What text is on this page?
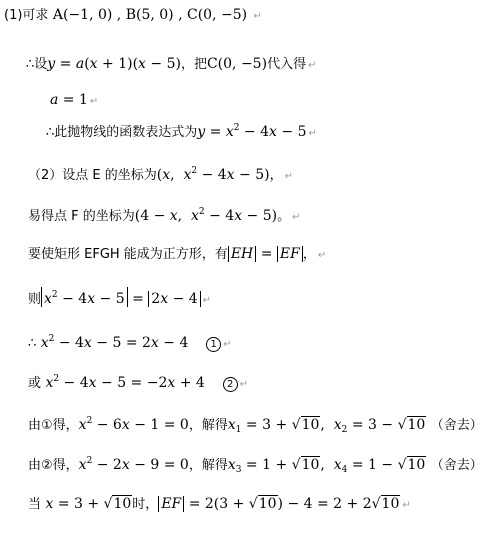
(1)可求 A(−1, 0) , B(5, 0) , C(0, −5) ↵
∴设y = a(x + 1)(x − 5)，把C(0, −5)代入得 ↵
a = 1 ↵
∴此抛物线的函数表达式为$y = x^2 - 4x - 5$ ↵
（2）设点 E 的坐标为(x,  $x^2 - 4x - 5$)， ↵
易得点 F 的坐标为(4 − x,  $x^2 - 4x - 5$)。 ↵
要使矩形 EFGH 能成为正方形，有 EH = EF ， ↵
则 $x^2 - 4x - 5 = 2x - 4$ ↵
∴ $x^2 - 4x - 5 = 2x - 4$    1 ↵
或 $x^2 - 4x - 5 = -2x + 4$    2 ↵
由①得，$x^2 - 6x - 1 = 0$，解得$x_1 = 3 + √10$,  $x_2 = 3 - √10$ （舍去）
由②得，$x^2 - 2x - 9 = 0$，解得$x_3 = 1 + √10$,  $x_4 = 1 - √10$ （舍去）
当 x = 3 + √10时， EF = 2(3 + √10) − 4 = 2 + 2√10 ↵
